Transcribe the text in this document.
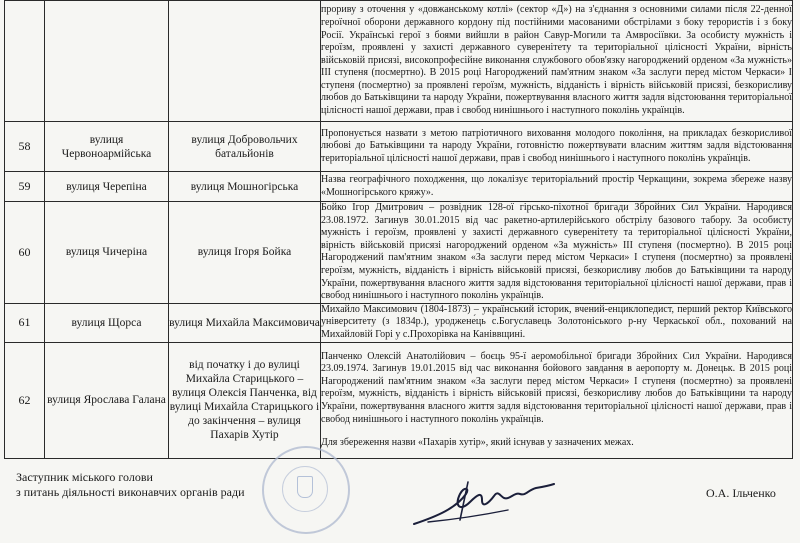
			прориву з оточення у «довжанському котлі» (сектор «Д») на з'єднання з основними силами після 22-денної героїчної оборони державного кордону під постійними масованими обстрілами з боку терористів і з боку Росії. Українські герої з боями вийшли в район Савур-Могили та Амвросіївки. За особисту мужність і героїзм, проявлені у захисті державного суверенітету та територіальної цілісності України, вірність військовій присязі, високопрофесійне виконання службового обов'язку нагороджений орденом «За мужність» III ступеня (посмертно). В 2015 році Нагороджений пам'ятним знаком «За заслуги перед містом Черкаси» I ступеня (посмертно) за проявлені героїзм, мужність, відданість і вірність військовій присязі, безкорисливу любов до Батьківщини та народу України, пожертвування власного життя задля відстоювання територіальної цілісності нашої держави, прав і свобод нинішнього і наступного поколінь українців.

58	вулиця Червоноармійська	вулиця Добровольчих батальйонів	Пропонується назвати з метою патріотичного виховання молодого покоління, на прикладах безкорисливої любові до Батьківщини та народу України, готовністю пожертвувати власним життям задля відстоювання територіальної цілісності нашої держави, прав і свобод нинішнього і наступного поколінь українців.

59	вулиця Черепіна	вулиця Мошногірська	Назва географічного походження, що локалізує територіальний простір Черкащини, зокрема збереже назву «Мошногірського кряжу».

60	вулиця Чичеріна	вулиця Ігоря Бойка	Бойко Ігор Дмитрович – розвідник 128-ої гірсько-піхотної бригади Збройних Сил України. Народився 23.08.1972. Загинув 30.01.2015 від час ракетно-артилерійського обстрілу базового табору. За особисту мужність і героїзм, проявлені у захисті державного суверенітету та територіальної цілісності України, вірність військовій присязі нагороджений орденом «За мужність» III ступеня (посмертно). В 2015 році Нагороджений пам'ятним знаком «За заслуги перед містом Черкаси» I ступеня (посмертно) за проявлені героїзм, мужність, відданість і вірність військовій присязі, безкорисливу любов до Батьківщини та народу України, пожертвування власного життя задля відстоювання територіальної цілісності нашої держави, прав і свобод нинішнього і наступного поколінь українців.

61	вулиця Щорса	вулиця Михайла Максимовича	Михайло Максимович (1804-1873) – український історик, вчений-енциклопедист, перший ректор Київського університету (з 1834р.), уроджене́ць с.Богуславець Золотоніського р-ну Черкаської обл., похований на Михайловій Горі у с.Прохорівка на Каніввщині.

62	вулиця Ярослава Галана	від початку і до вулиці Михайла Старицького – вулиця Олексія Панченка, від вулиці Михайла Старицького і до закінчення – вулиця Пахарів Хутір	Панченко Олексій Анатолійович – боєць 95-ї аеромобільної бригади Збройних Сил України. Народився 23.09.1974. Загинув 19.01.2015 від час виконання бойового завдання в аеропорту м. Донецьк. В 2015 році Нагороджений пам'ятним знаком «За заслуги перед містом Черкаси» I ступеня (посмертно) за проявлені героїзм, мужність, відданість і вірність військовій присязі, безкорисливу любов до Батьківщини та народу України, пожертвування власного життя задля відстоювання територіальної цілісності нашої держави, прав і свобод нинішнього і наступного поколінь українців.

Для збереження назви «Пахарів хутір», який існував у зазначених межах.

Заступник міського голови
з питань діяльності виконавчих органів ради	О.А. Ільченко
